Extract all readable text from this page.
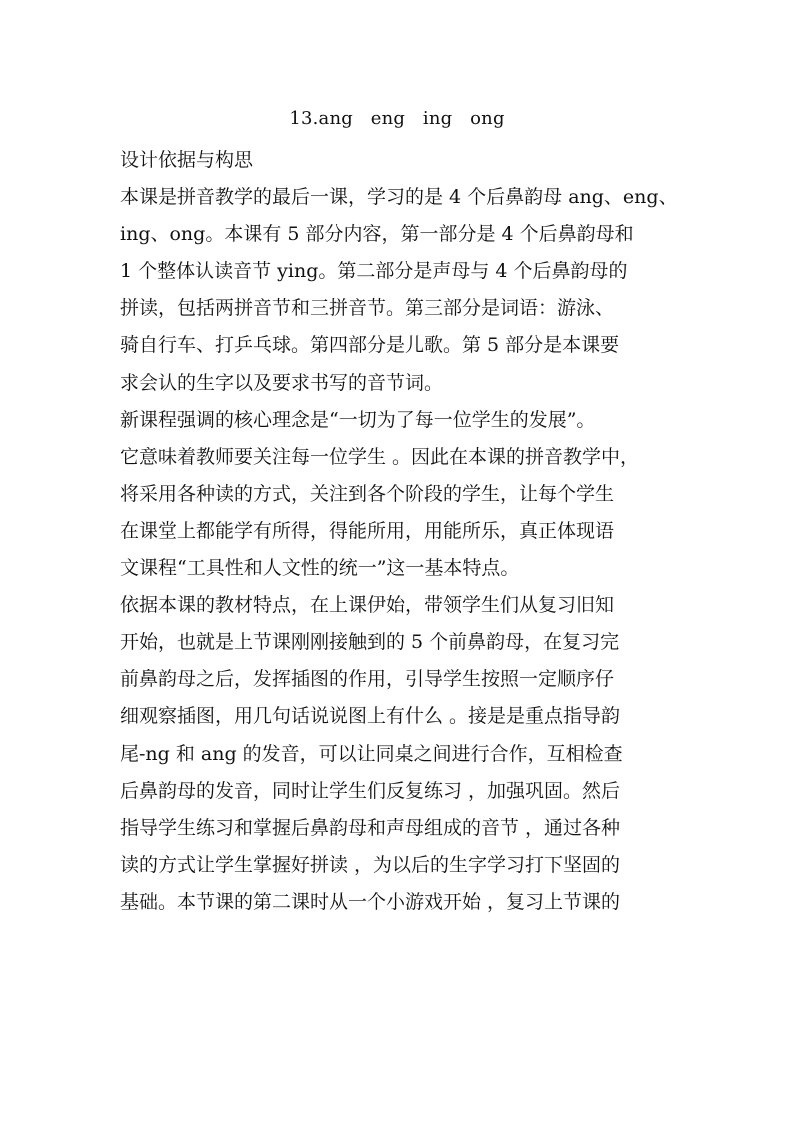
13.ang   eng   ing   ong
设计依据与构思
本课是拼音教学的最后一课，学习的是 4 个后鼻韵母 ang、eng、
ing、ong。本课有 5 部分内容，第一部分是 4 个后鼻韵母和
1 个整体认读音节 ying。第二部分是声母与 4 个后鼻韵母的
拼读，包括两拼音节和三拼音节。第三部分是词语：游泳、
骑自行车、打乒乓球。第四部分是儿歌。第 5 部分是本课要
求会认的生字以及要求书写的音节词。
新课程强调的核心理念是“一切为了每一位学生的发展”。
它意味着教师要关注每一位学生 。因此在本课的拼音教学中，
将采用各种读的方式，关注到各个阶段的学生，让每个学生
在课堂上都能学有所得，得能所用，用能所乐，真正体现语
文课程“工具性和人文性的统一”这一基本特点。
依据本课的教材特点，在上课伊始，带领学生们从复习旧知
开始，也就是上节课刚刚接触到的 5 个前鼻韵母，在复习完
前鼻韵母之后，发挥插图的作用，引导学生按照一定顺序仔
细观察插图，用几句话说说图上有什么 。接是是重点指导韵
尾-ng 和 ang 的发音，可以让同桌之间进行合作，互相检查
后鼻韵母的发音，同时让学生们反复练习 ，加强巩固。然后
指导学生练习和掌握后鼻韵母和声母组成的音节 ，通过各种
读的方式让学生掌握好拼读 ，为以后的生字学习打下坚固的
基础。本节课的第二课时从一个小游戏开始 ，复习上节课的
